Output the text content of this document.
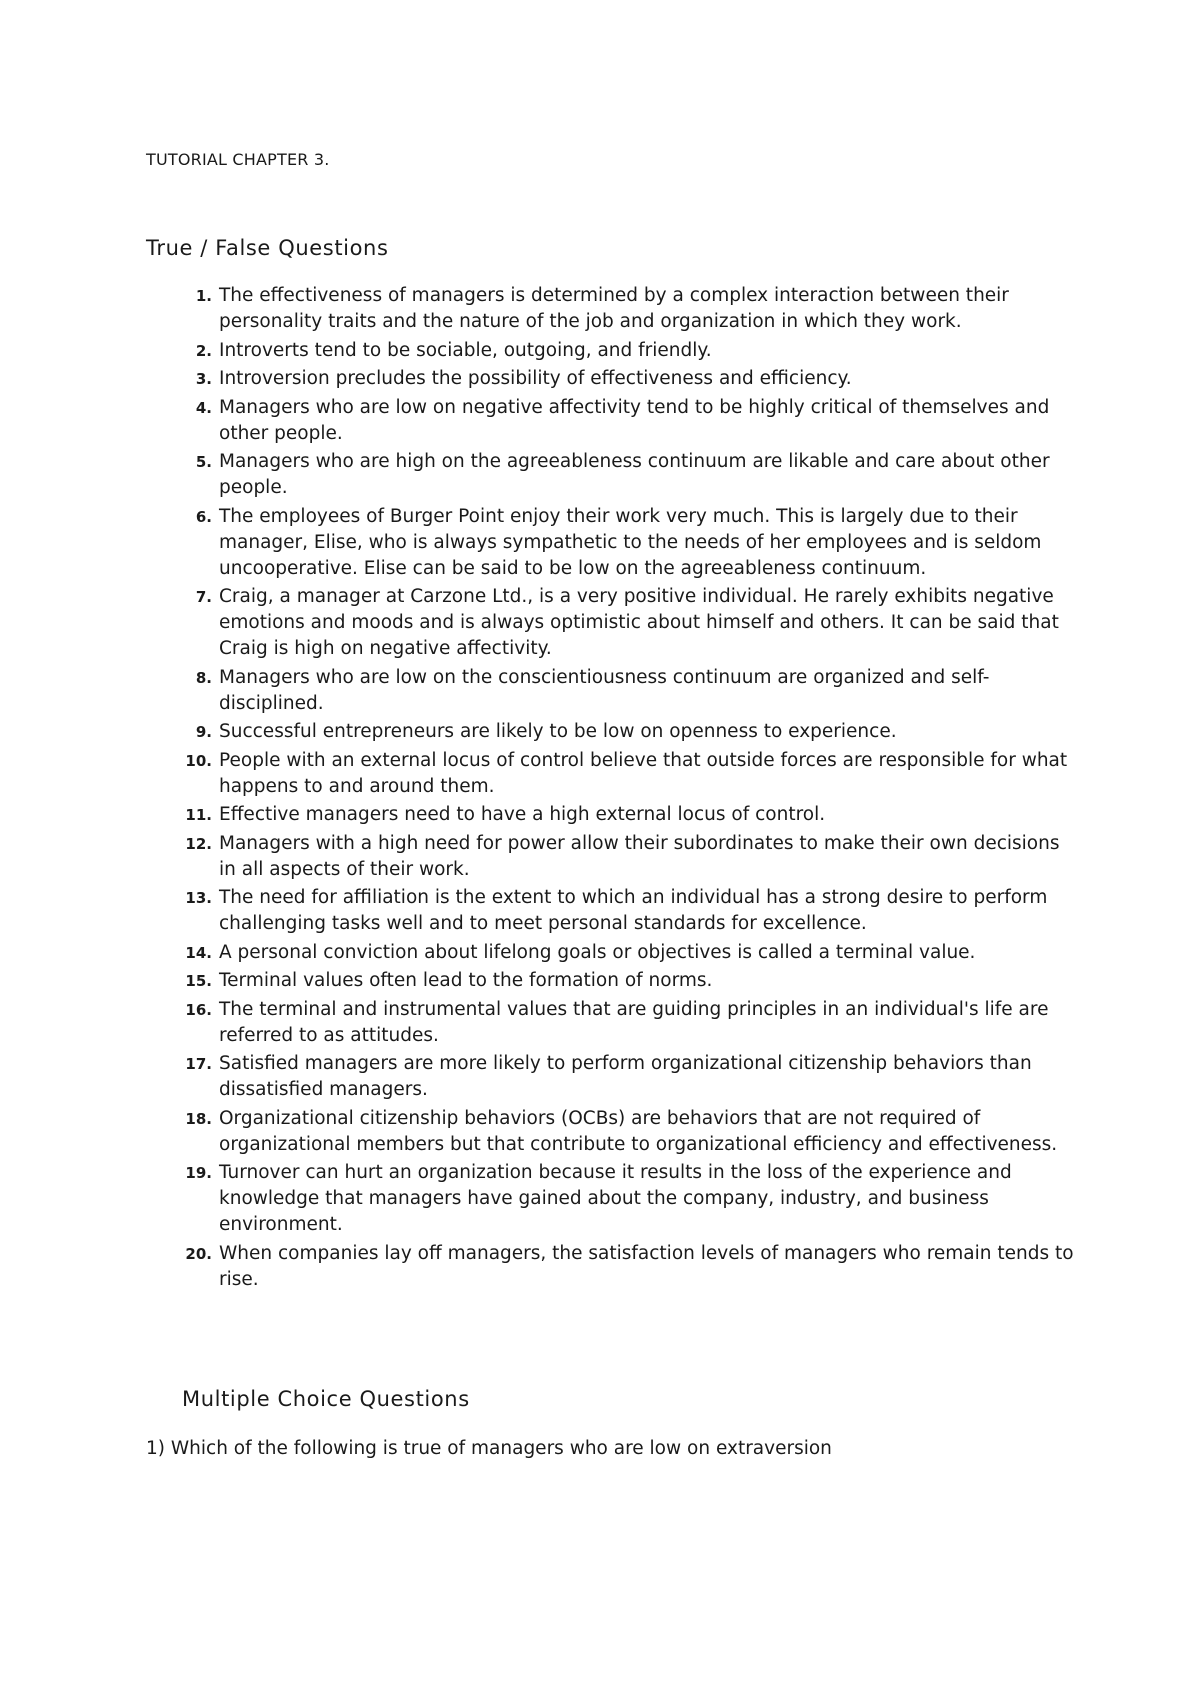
TUTORIAL CHAPTER 3.
True / False Questions
1. The effectiveness of managers is determined by a complex interaction between their personality traits and the nature of the job and organization in which they work.
2. Introverts tend to be sociable, outgoing, and friendly.
3. Introversion precludes the possibility of effectiveness and efficiency.
4. Managers who are low on negative affectivity tend to be highly critical of themselves and other people.
5. Managers who are high on the agreeableness continuum are likable and care about other people.
6. The employees of Burger Point enjoy their work very much. This is largely due to their manager, Elise, who is always sympathetic to the needs of her employees and is seldom uncooperative. Elise can be said to be low on the agreeableness continuum.
7. Craig, a manager at Carzone Ltd., is a very positive individual. He rarely exhibits negative emotions and moods and is always optimistic about himself and others. It can be said that Craig is high on negative affectivity.
8. Managers who are low on the conscientiousness continuum are organized and self-disciplined.
9. Successful entrepreneurs are likely to be low on openness to experience.
10. People with an external locus of control believe that outside forces are responsible for what happens to and around them.
11. Effective managers need to have a high external locus of control.
12. Managers with a high need for power allow their subordinates to make their own decisions in all aspects of their work.
13. The need for affiliation is the extent to which an individual has a strong desire to perform challenging tasks well and to meet personal standards for excellence.
14. A personal conviction about lifelong goals or objectives is called a terminal value.
15. Terminal values often lead to the formation of norms.
16. The terminal and instrumental values that are guiding principles in an individual's life are referred to as attitudes.
17. Satisfied managers are more likely to perform organizational citizenship behaviors than dissatisfied managers.
18. Organizational citizenship behaviors (OCBs) are behaviors that are not required of organizational members but that contribute to organizational efficiency and effectiveness.
19. Turnover can hurt an organization because it results in the loss of the experience and knowledge that managers have gained about the company, industry, and business environment.
20. When companies lay off managers, the satisfaction levels of managers who remain tends to rise.
Multiple Choice Questions
1) Which of the following is true of managers who are low on extraversion
